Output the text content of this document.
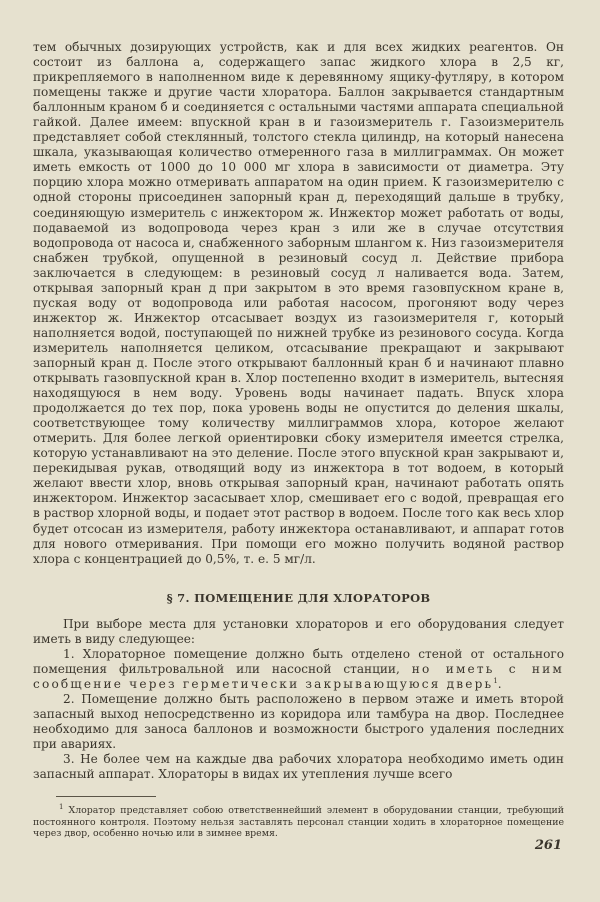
тем обычных дозирующих устройств, как и для всех жидких реагентов. Он состоит из баллона а, содержащего запас жидкого хлора в 2,5 кг, прикрепляемого в наполненном виде к деревянному ящику-футляру, в котором помещены также и другие части хлоратора. Баллон закрывается стандартным баллонным краном б и соединяется с остальными частями аппарата специальной гайкой. Далее имеем: впускной кран в и газоизмеритель г. Газоизмеритель представляет собой стеклянный, толстого стекла цилиндр, на который нанесена шкала, указывающая количество отмеренного газа в миллиграммах. Он может иметь емкость от 1000 до 10 000 мг хлора в зависимости от диаметра. Эту порцию хлора можно отмеривать аппаратом на один прием. К газоизмерителю с одной стороны присоединен запорный кран д, переходящий дальше в трубку, соединяющую измеритель с инжектором ж. Инжектор может работать от воды, подаваемой из водопровода через кран з или же в случае отсутствия водопровода от насоса и, снабженного заборным шлангом к. Низ газоизмерителя снабжен трубкой, опущенной в резиновый сосуд л. Действие прибора заключается в следующем: в резиновый сосуд л наливается вода. Затем, открывая запорный кран д при закрытом в это время газовпускном кране в, пуская воду от водопровода или работая насосом, прогоняют воду через инжектор ж. Инжектор отсасывает воздух из газоизмерителя г, который наполняется водой, поступающей по нижней трубке из резинового сосуда. Когда измеритель наполняется целиком, отсасывание прекращают и закрывают запорный кран д. После этого открывают баллонный кран б и начинают плавно открывать газовпускной кран в. Хлор постепенно входит в измеритель, вытесняя находящуюся в нем воду. Уровень воды начинает падать. Впуск хлора продолжается до тех пор, пока уровень воды не опустится до деления шкалы, соответствующее тому количеству миллиграммов хлора, которое желают отмерить. Для более легкой ориентировки сбоку измерителя имеется стрелка, которую устанавливают на это деление. После этого впускной кран закрывают и, перекидывая рукав, отводящий воду из инжектора в тот водоем, в который желают ввести хлор, вновь открывая запорный кран, начинают работать опять инжектором. Инжектор засасывает хлор, смешивает его с водой, превращая его в раствор хлорной воды, и подает этот раствор в водоем. После того как весь хлор будет отсосан из измерителя, работу инжектора останавливают, и аппарат готов для нового отмеривания. При помощи его можно получить водяной раствор хлора с концентрацией до 0,5%, т. е. 5 мг/л.

§ 7. ПОМЕЩЕНИЕ ДЛЯ ХЛОРАТОРОВ

При выборе места для установки хлораторов и его оборудования следует иметь в виду следующее:

1. Хлораторное помещение должно быть отделено стеной от остального помещения фильтровальной или насосной станции, но иметь с ним сообщение через герметически закрывающуюся дверь$^1$.

2. Помещение должно быть расположено в первом этаже и иметь второй запасный выход непосредственно из коридора или тамбура на двор. Последнее необходимо для заноса баллонов и возможности быстрого удаления последних при авариях.

3. Не более чем на каждые два рабочих хлоратора необходимо иметь один запасный аппарат. Хлораторы в видах их утепления лучше всего

$^1$ Хлоратор представляет собою ответственнейший элемент в оборудовании станции, требующий постоянного контроля. Поэтому нельзя заставлять персонал станции ходить в хлораторное помещение через двор, особенно ночью или в зимнее время.

261
